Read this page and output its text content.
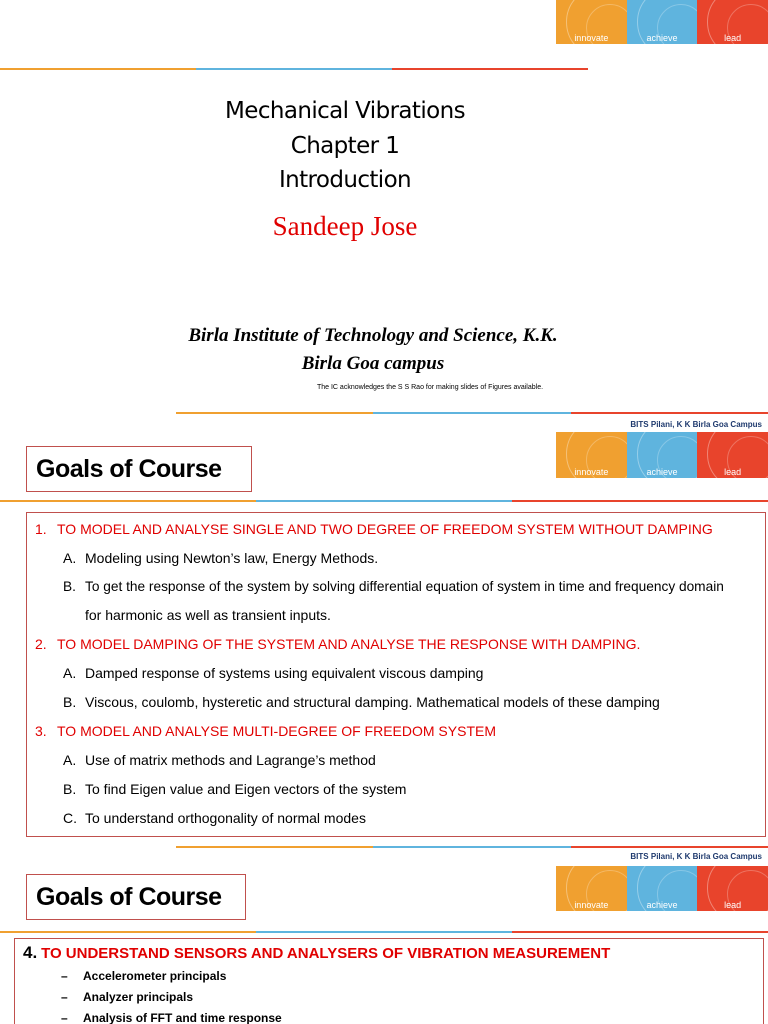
innovate	achieve	lead
Mechanical Vibrations
Chapter 1
Introduction
Sandeep Jose
Birla Institute of Technology and Science, K.K.
Birla Goa campus
The IC acknowledges the S S Rao for making slides of Figures available.
BITS Pilani, K K Birla Goa Campus
innovate	achieve	lead
Goals of Course
1. TO MODEL AND ANALYSE SINGLE AND TWO DEGREE OF FREEDOM SYSTEM WITHOUT DAMPING
A. Modeling using Newton’s law, Energy Methods.
B. To get the response of the system by solving differential equation of system in time and frequency domain
for harmonic as well as transient inputs.
2. TO MODEL DAMPING OF THE SYSTEM AND ANALYSE THE RESPONSE WITH DAMPING.
A. Damped response of systems using equivalent viscous damping
B. Viscous, coulomb, hysteretic and structural damping. Mathematical models of these damping
3. TO MODEL AND ANALYSE MULTI-DEGREE OF FREEDOM SYSTEM
A. Use of matrix methods and Lagrange’s method
B. To find Eigen value and Eigen vectors of the system
C. To understand orthogonality of normal modes
BITS Pilani, K K Birla Goa Campus
innovate	achieve	lead
Goals of Course
4. TO UNDERSTAND SENSORS AND ANALYSERS OF VIBRATION MEASUREMENT
– Accelerometer principals
– Analyzer principals
– Analysis of FFT and time response
